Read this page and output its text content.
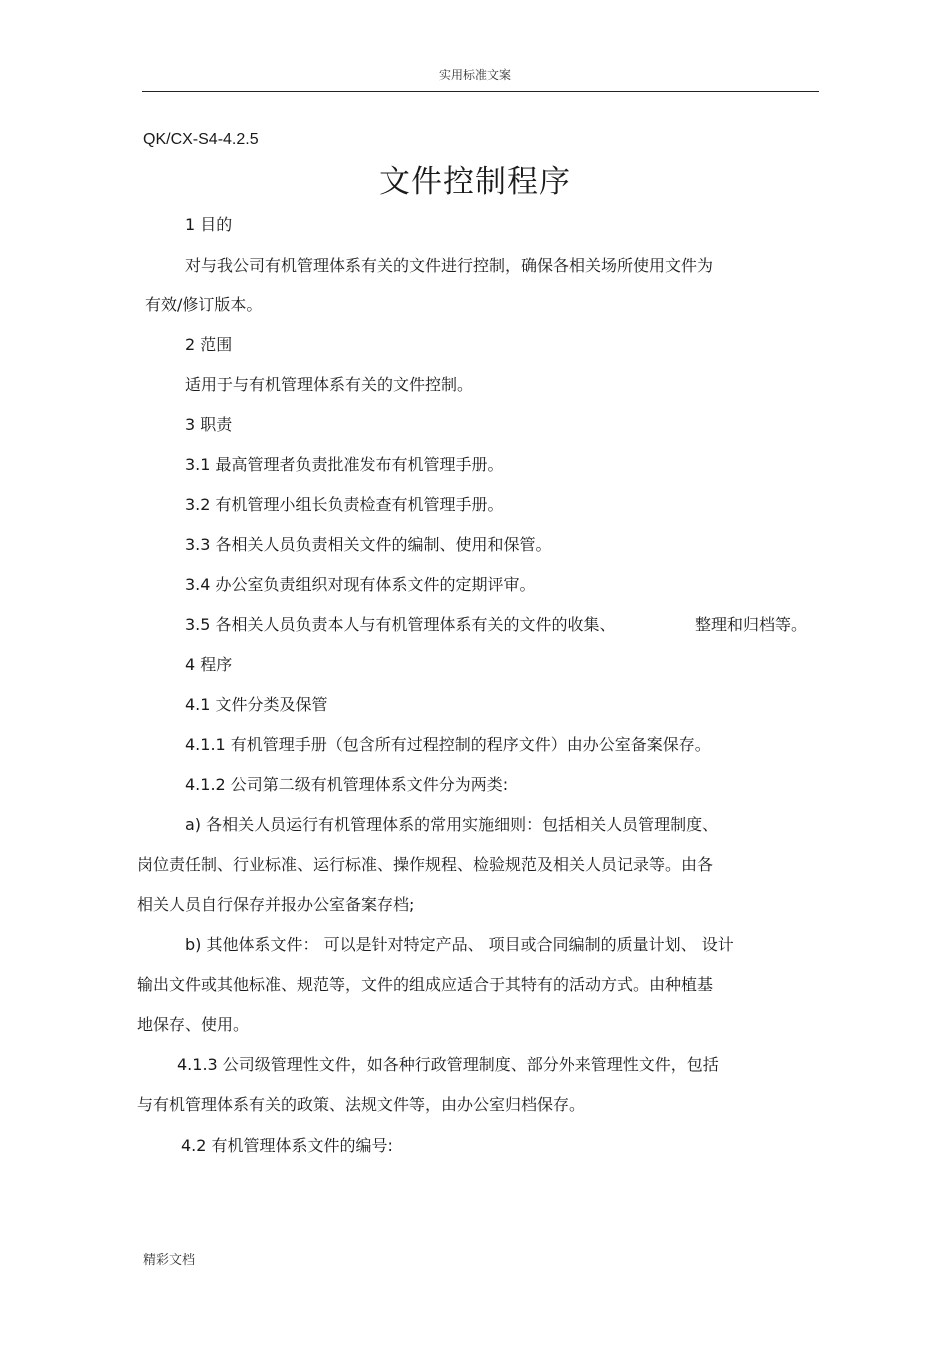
实用标准文案
QK/CX-S4-4.2.5
文件控制程序
1 目的
对与我公司有机管理体系有关的文件进行控制，确保各相关场所使用文件为
有效/修订版本。
2 范围
适用于与有机管理体系有关的文件控制。
3 职责
3.1 最高管理者负责批准发布有机管理手册。
3.2 有机管理小组长负责检查有机管理手册。
3.3 各相关人员负责相关文件的编制、使用和保管。
3.4 办公室负责组织对现有体系文件的定期评审。
3.5 各相关人员负责本人与有机管理体系有关的文件的收集、	整理和归档等。
4 程序
4.1 文件分类及保管
4.1.1 有机管理手册（包含所有过程控制的程序文件）由办公室备案保存。
4.1.2 公司第二级有机管理体系文件分为两类:
a) 各相关人员运行有机管理体系的常用实施细则：包括相关人员管理制度、
岗位责任制、行业标准、运行标准、操作规程、检验规范及相关人员记录等。由各
相关人员自行保存并报办公室备案存档;
b) 其他体系文件： 可以是针对特定产品、 项目或合同编制的质量计划、 设计
输出文件或其他标准、规范等，文件的组成应适合于其特有的活动方式。由种植基
地保存、使用。
4.1.3 公司级管理性文件，如各种行政管理制度、部分外来管理性文件，包括
与有机管理体系有关的政策、法规文件等，由办公室归档保存。
4.2 有机管理体系文件的编号:
精彩文档
